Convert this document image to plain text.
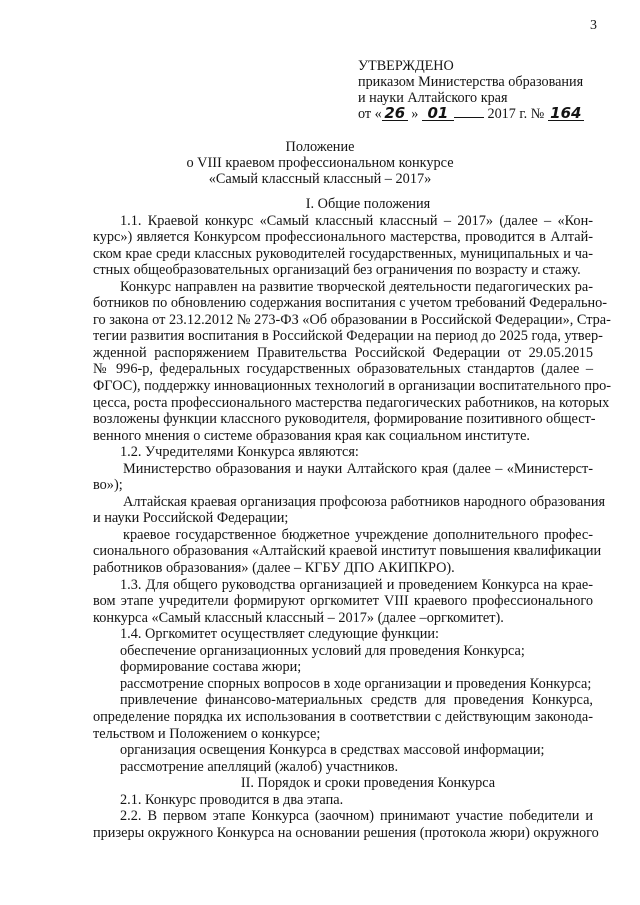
3
УТВЕРЖДЕНО
приказом Министерства образования
и науки Алтайского края
от « 26 » 01	2017 г. № 164
Положение
о VIII краевом профессиональном конкурсе
«Самый классный классный – 2017»
I. Общие положения
1.1. Краевой конкурс «Самый классный классный – 2017» (далее – «Кон-
курс») является Конкурсом профессионального мастерства, проводится в Алтай-
ском крае среди классных руководителей государственных, муниципальных и ча-
стных общеобразовательных организаций без ограничения по возрасту и стажу.
Конкурс направлен на развитие творческой деятельности педагогических ра-
ботников по обновлению содержания воспитания с учетом требований Федерально-
го закона от 23.12.2012 № 273-ФЗ «Об образовании в Российской Федерации», Стра-
тегии развития воспитания в Российской Федерации на период до 2025 года, утвер-
жденной распоряжением Правительства Российской Федерации от 29.05.2015
№ 996-р, федеральных государственных образовательных стандартов (далее –
ФГОС), поддержку инновационных технологий в организации воспитательного про-
цесса, роста профессионального мастерства педагогических работников, на которых
возложены функции классного руководителя, формирование позитивного общест-
венного мнения о системе образования края как социальном институте.
1.2. Учредителями Конкурса являются:
Министерство образования и науки Алтайского края (далее – «Министерст-
во»);
Алтайская краевая организация профсоюза работников народного образования
и науки Российской Федерации;
краевое государственное бюджетное учреждение дополнительного профес-
сионального образования «Алтайский краевой институт повышения квалификации
работников образования» (далее – КГБУ ДПО АКИПКРО).
1.3. Для общего руководства организацией и проведением Конкурса на крае-
вом этапе учредители формируют оргкомитет VIII краевого профессионального
конкурса «Самый классный классный – 2017» (далее –оргкомитет).
1.4. Оргкомитет осуществляет следующие функции:
обеспечение организационных условий для проведения Конкурса;
формирование состава жюри;
рассмотрение спорных вопросов в ходе организации и проведения Конкурса;
привлечение финансово-материальных средств для проведения Конкурса,
определение порядка их использования в соответствии с действующим законода-
тельством и Положением о конкурсе;
организация освещения Конкурса в средствах массовой информации;
рассмотрение апелляций (жалоб) участников.
II. Порядок и сроки проведения Конкурса
2.1. Конкурс проводится в два этапа.
2.2. В первом этапе Конкурса (заочном) принимают участие победители и
призеры окружного Конкурса на основании решения (протокола жюри) окружного
